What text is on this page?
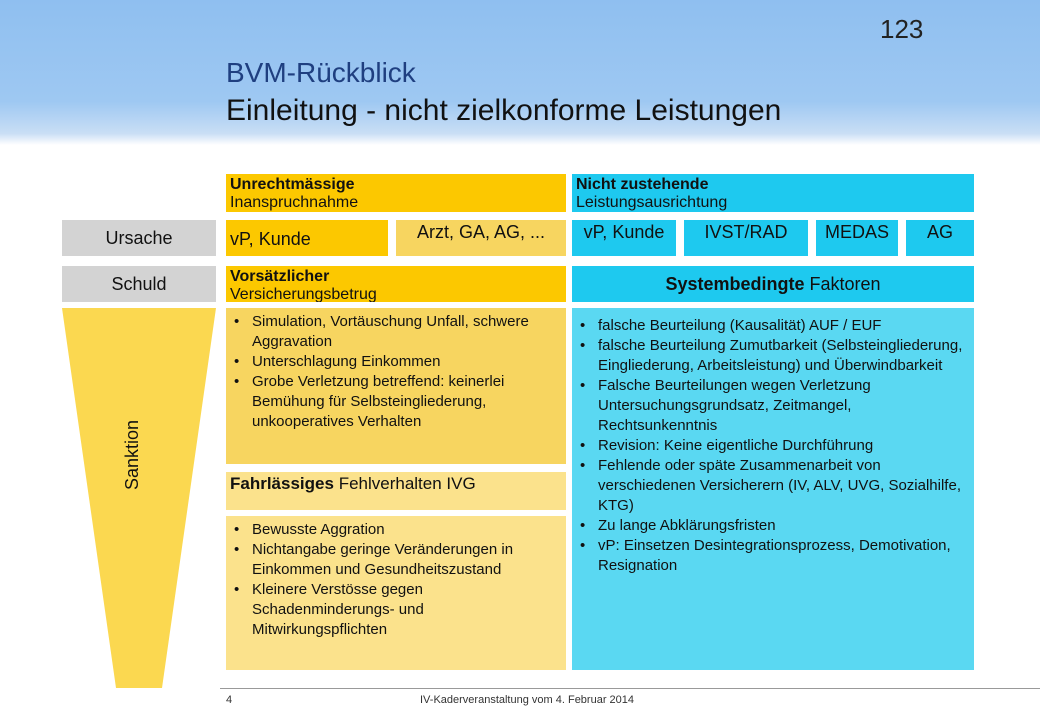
123
BVM-Rückblick
Einleitung - nicht zielkonforme Leistungen
Ursache
Schuld
Sanktion
Unrechtmässige
Inanspruchnahme
vP, Kunde	Arzt, GA, AG, ...
Vorsätzlicher
Versicherungsbetrug
• Simulation, Vortäuschung Unfall, schwere Aggravation
• Unterschlagung Einkommen
• Grobe Verletzung betreffend: keinerlei Bemühung für Selbsteingliederung, unkooperatives Verhalten
Fahrlässiges Fehlverhalten IVG
• Bewusste Aggration
• Nichtangabe geringe Veränderungen in Einkommen und Gesundheitszustand
• Kleinere Verstösse gegen Schadenminderungs- und Mitwirkungspflichten
Nicht zustehende
Leistungsausrichtung
vP, Kunde	IVST/RAD	MEDAS	AG
Systembedingte
Faktoren
• falsche Beurteilung (Kausalität) AUF / EUF
• falsche Beurteilung Zumutbarkeit (Selbsteingliederung, Eingliederung, Arbeitsleistung) und Überwindbarkeit
• Falsche Beurteilungen wegen Verletzung Untersuchungsgrundsatz, Zeitmangel, Rechtsunkenntnis
• Revision: Keine eigentliche Durchführung
• Fehlende oder späte Zusammenarbeit von verschiedenen Versicherern (IV, ALV, UVG, Sozialhilfe, KTG)
• Zu lange Abklärungsfristen
• vP: Einsetzen Desintegrationsprozess, Demotivation, Resignation
4	IV-Kaderveranstaltung vom 4. Februar 2014
